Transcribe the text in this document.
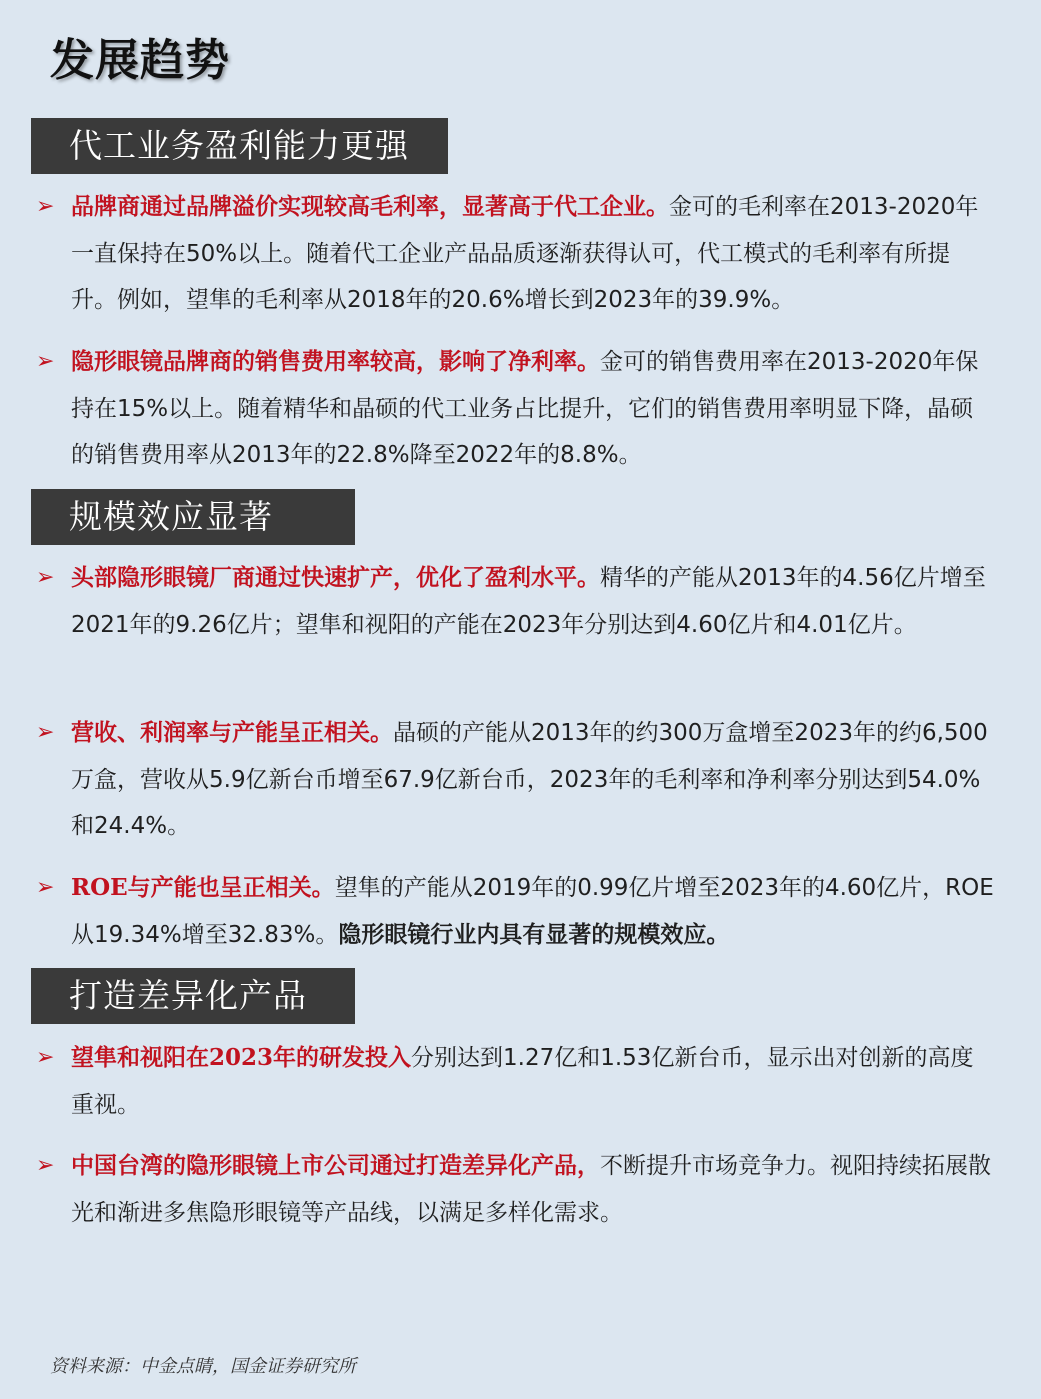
发展趋势
代工业务盈利能力更强
➢ 品牌商通过品牌溢价实现较高毛利率，显著高于代工企业。金可的毛利率在2013-2020年一直保持在50%以上。随着代工企业产品品质逐渐获得认可，代工模式的毛利率有所提升。例如，望隼的毛利率从2018年的20.6%增长到2023年的39.9%。
➢ 隐形眼镜品牌商的销售费用率较高，影响了净利率。金可的销售费用率在2013-2020年保持在15%以上。随着精华和晶硕的代工业务占比提升，它们的销售费用率明显下降，晶硕的销售费用率从2013年的22.8%降至2022年的8.8%。
规模效应显著
➢ 头部隐形眼镜厂商通过快速扩产，优化了盈利水平。精华的产能从2013年的4.56亿片增至2021年的9.26亿片；望隼和视阳的产能在2023年分别达到4.60亿片和4.01亿片。
➢ 营收、利润率与产能呈正相关。晶硕的产能从2013年的约300万盒增至2023年的约6,500万盒，营收从5.9亿新台币增至67.9亿新台币，2023年的毛利率和净利率分别达到54.0%和24.4%。
➢ ROE与产能也呈正相关。望隼的产能从2019年的0.99亿片增至2023年的4.60亿片，ROE从19.34%增至32.83%。隐形眼镜行业内具有显著的规模效应。
打造差异化产品
➢ 望隼和视阳在2023年的研发投入分别达到1.27亿和1.53亿新台币，显示出对创新的高度重视。
➢ 中国台湾的隐形眼镜上市公司通过打造差异化产品，不断提升市场竞争力。视阳持续拓展散光和渐进多焦隐形眼镜等产品线，以满足多样化需求。
资料来源：中金点睛，国金证券研究所
